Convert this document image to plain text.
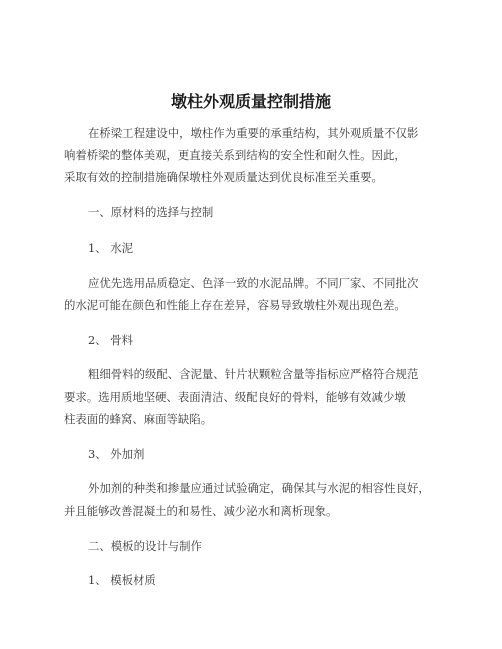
墩柱外观质量控制措施
在桥梁工程建设中，墩柱作为重要的承重结构，其外观质量不仅影
响着桥梁的整体美观，更直接关系到结构的安全性和耐久性。因此，
采取有效的控制措施确保墩柱外观质量达到优良标准至关重要。
一、原材料的选择与控制
1、 水泥
应优先选用品质稳定、色泽一致的水泥品牌。不同厂家、不同批次
的水泥可能在颜色和性能上存在差异，容易导致墩柱外观出现色差。
2、 骨料
粗细骨料的级配、含泥量、针片状颗粒含量等指标应严格符合规范
要求。选用质地坚硬、表面清洁、级配良好的骨料，能够有效减少墩
柱表面的蜂窝、麻面等缺陷。
3、 外加剂
外加剂的种类和掺量应通过试验确定，确保其与水泥的相容性良好，
并且能够改善混凝土的和易性、减少泌水和离析现象。
二、模板的设计与制作
1、 模板材质
